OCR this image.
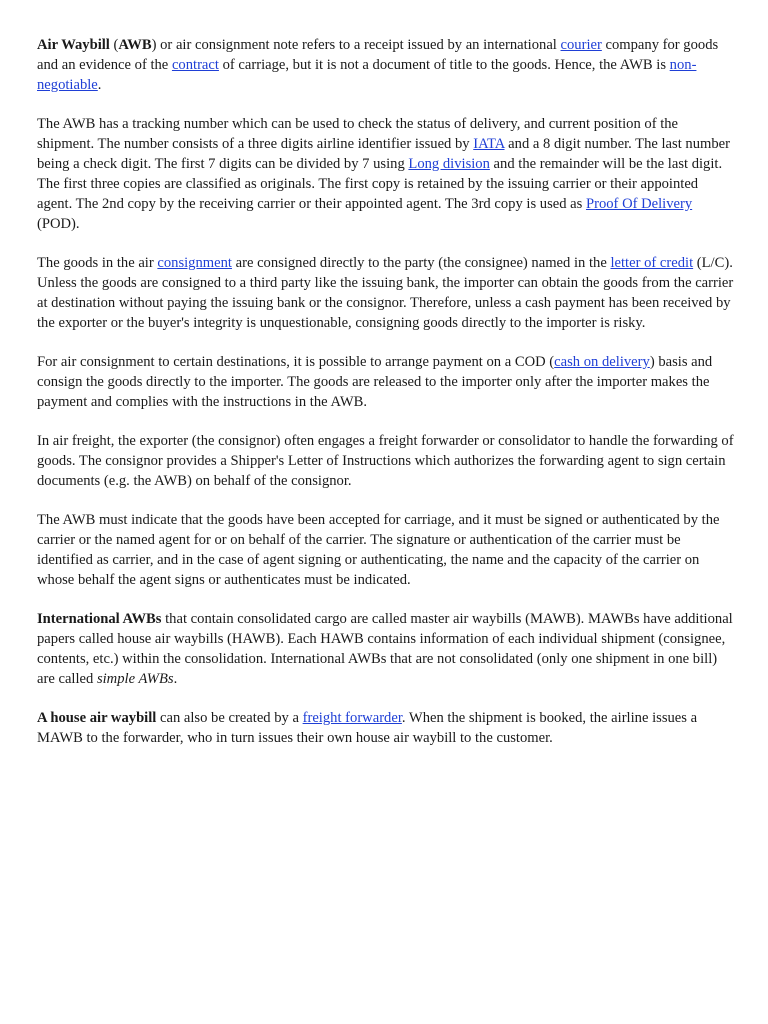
Air Waybill (AWB) or air consignment note refers to a receipt issued by an international courier company for goods and an evidence of the contract of carriage, but it is not a document of title to the goods. Hence, the AWB is non-negotiable.

The AWB has a tracking number which can be used to check the status of delivery, and current position of the shipment. The number consists of a three digits airline identifier issued by IATA and a 8 digit number. The last number being a check digit. The first 7 digits can be divided by 7 using Long division and the remainder will be the last digit. The first three copies are classified as originals. The first copy is retained by the issuing carrier or their appointed agent. The 2nd copy by the receiving carrier or their appointed agent. The 3rd copy is used as Proof Of Delivery (POD).

The goods in the air consignment are consigned directly to the party (the consignee) named in the letter of credit (L/C). Unless the goods are consigned to a third party like the issuing bank, the importer can obtain the goods from the carrier at destination without paying the issuing bank or the consignor. Therefore, unless a cash payment has been received by the exporter or the buyer's integrity is unquestionable, consigning goods directly to the importer is risky.

For air consignment to certain destinations, it is possible to arrange payment on a COD (cash on delivery) basis and consign the goods directly to the importer. The goods are released to the importer only after the importer makes the payment and complies with the instructions in the AWB.

In air freight, the exporter (the consignor) often engages a freight forwarder or consolidator to handle the forwarding of goods. The consignor provides a Shipper's Letter of Instructions which authorizes the forwarding agent to sign certain documents (e.g. the AWB) on behalf of the consignor.

The AWB must indicate that the goods have been accepted for carriage, and it must be signed or authenticated by the carrier or the named agent for or on behalf of the carrier. The signature or authentication of the carrier must be identified as carrier, and in the case of agent signing or authenticating, the name and the capacity of the carrier on whose behalf the agent signs or authenticates must be indicated.

International AWBs that contain consolidated cargo are called master air waybills (MAWB). MAWBs have additional papers called house air waybills (HAWB). Each HAWB contains information of each individual shipment (consignee, contents, etc.) within the consolidation. International AWBs that are not consolidated (only one shipment in one bill) are called simple AWBs.

A house air waybill can also be created by a freight forwarder. When the shipment is booked, the airline issues a MAWB to the forwarder, who in turn issues their own house air waybill to the customer.
